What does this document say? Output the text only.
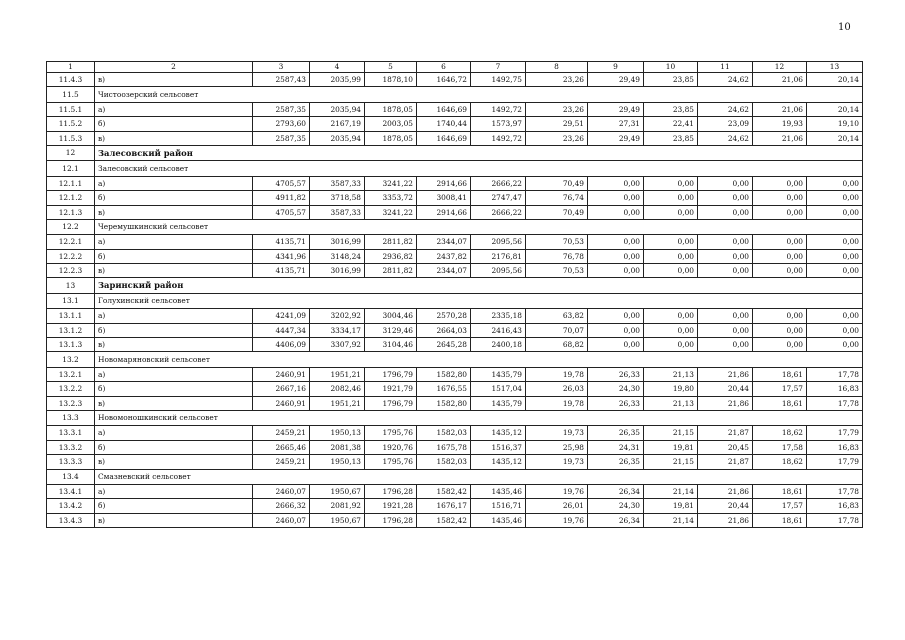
10
1	2	3	4	5	6	7	8	9	10	11	12	13
11.4.3	в)	2587,43	2035,99	1878,10	1646,72	1492,75	23,26	29,49	23,85	24,62	21,06	20,14
11.5	Чистоозерский сельсовет											
11.5.1	а)	2587,35	2035,94	1878,05	1646,69	1492,72	23,26	29,49	23,85	24,62	21,06	20,14
11.5.2	б)	2793,60	2167,19	2003,05	1740,44	1573,97	29,51	27,31	22,41	23,09	19,93	19,10
11.5.3	в)	2587,35	2035,94	1878,05	1646,69	1492,72	23,26	29,49	23,85	24,62	21,06	20,14
12	Залесовский район											
12.1	Залесовский сельсовет											
12.1.1	а)	4705,57	3587,33	3241,22	2914,66	2666,22	70,49	0,00	0,00	0,00	0,00	0,00
12.1.2	б)	4911,82	3718,58	3353,72	3008,41	2747,47	76,74	0,00	0,00	0,00	0,00	0,00
12.1.3	в)	4705,57	3587,33	3241,22	2914,66	2666,22	70,49	0,00	0,00	0,00	0,00	0,00
12.2	Черемушкинский сельсовет											
12.2.1	а)	4135,71	3016,99	2811,82	2344,07	2095,56	70,53	0,00	0,00	0,00	0,00	0,00
12.2.2	б)	4341,96	3148,24	2936,82	2437,82	2176,81	76,78	0,00	0,00	0,00	0,00	0,00
12.2.3	в)	4135,71	3016,99	2811,82	2344,07	2095,56	70,53	0,00	0,00	0,00	0,00	0,00
13	Заринский район											
13.1	Голухинский сельсовет											
13.1.1	а)	4241,09	3202,92	3004,46	2570,28	2335,18	63,82	0,00	0,00	0,00	0,00	0,00
13.1.2	б)	4447,34	3334,17	3129,46	2664,03	2416,43	70,07	0,00	0,00	0,00	0,00	0,00
13.1.3	в)	4406,09	3307,92	3104,46	2645,28	2400,18	68,82	0,00	0,00	0,00	0,00	0,00
13.2	Новомаряновский сельсовет											
13.2.1	а)	2460,91	1951,21	1796,79	1582,80	1435,79	19,78	26,33	21,13	21,86	18,61	17,78
13.2.2	б)	2667,16	2082,46	1921,79	1676,55	1517,04	26,03	24,30	19,80	20,44	17,57	16,83
13.2.3	в)	2460,91	1951,21	1796,79	1582,80	1435,79	19,78	26,33	21,13	21,86	18,61	17,78
13.3	Новомоношкинский сельсовет											
13.3.1	а)	2459,21	1950,13	1795,76	1582,03	1435,12	19,73	26,35	21,15	21,87	18,62	17,79
13.3.2	б)	2665,46	2081,38	1920,76	1675,78	1516,37	25,98	24,31	19,81	20,45	17,58	16,83
13.3.3	в)	2459,21	1950,13	1795,76	1582,03	1435,12	19,73	26,35	21,15	21,87	18,62	17,79
13.4	Смазневский сельсовет											
13.4.1	а)	2460,07	1950,67	1796,28	1582,42	1435,46	19,76	26,34	21,14	21,86	18,61	17,78
13.4.2	б)	2666,32	2081,92	1921,28	1676,17	1516,71	26,01	24,30	19,81	20,44	17,57	16,83
13.4.3	в)	2460,07	1950,67	1796,28	1582,42	1435,46	19,76	26,34	21,14	21,86	18,61	17,78
